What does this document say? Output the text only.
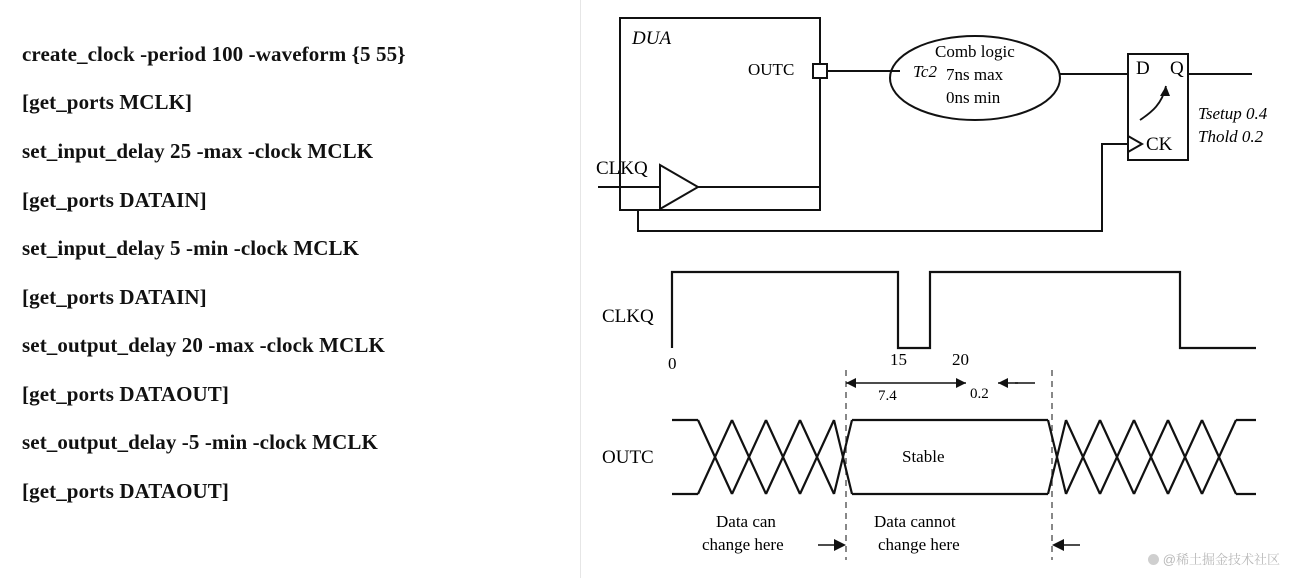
create_clock -period 100 -waveform {5 55}
[get_ports MCLK]
set_input_delay 25 -max -clock MCLK
[get_ports DATAIN]
set_input_delay 5 -min -clock MCLK
[get_ports DATAIN]
set_output_delay 20 -max -clock MCLK
[get_ports DATAOUT]
set_output_delay -5 -min -clock MCLK
[get_ports DATAOUT]
DUA
OUTC	Tc2
Comb logic
7ns max
0ns min
D Q
CK
Tsetup 0.4
Thold 0.2
CLKQ
CLKQ
OUTC
0	15	20
7.4	0.2
Stable
Data can
change here
Data cannot
change here
@稀土掘金技术社区
